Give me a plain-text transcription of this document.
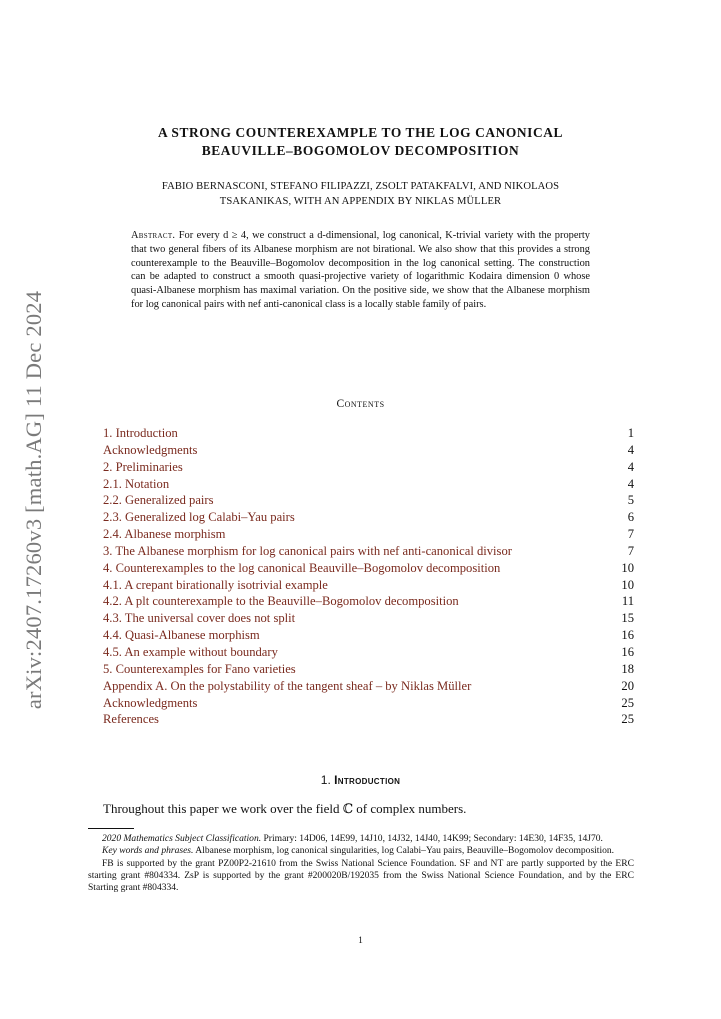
arXiv:2407.17260v3 [math.AG] 11 Dec 2024
A STRONG COUNTEREXAMPLE TO THE LOG CANONICAL
BEAUVILLE–BOGOMOLOV DECOMPOSITION
FABIO BERNASCONI, STEFANO FILIPAZZI, ZSOLT PATAKFALVI, AND NIKOLAOS
TSAKANIKAS, WITH AN APPENDIX BY NIKLAS MÜLLER
Abstract. For every d ≥ 4, we construct a d-dimensional, log canonical, K-trivial variety with the property that two general fibers of its Albanese morphism are not birational. We also show that this provides a strong counterexample to the Beauville–Bogomolov decomposition in the log canonical setting. The construction can be adapted to construct a smooth quasi-projective variety of logarithmic Kodaira dimension 0 whose quasi-Albanese morphism has maximal variation. On the positive side, we show that the Albanese morphism for log canonical pairs with nef anti-canonical class is a locally stable family of pairs.
Contents
1. Introduction	1
Acknowledgments	4
2. Preliminaries	4
2.1. Notation	4
2.2. Generalized pairs	5
2.3. Generalized log Calabi–Yau pairs	6
2.4. Albanese morphism	7
3. The Albanese morphism for log canonical pairs with nef anti-canonical divisor	7
4. Counterexamples to the log canonical Beauville–Bogomolov decomposition	10
4.1. A crepant birationally isotrivial example	10
4.2. A plt counterexample to the Beauville–Bogomolov decomposition	11
4.3. The universal cover does not split	15
4.4. Quasi-Albanese morphism	16
4.5. An example without boundary	16
5. Counterexamples for Fano varieties	18
Appendix A. On the polystability of the tangent sheaf – by Niklas Müller	20
Acknowledgments	25
References	25
1. Introduction
Throughout this paper we work over the field ℂ of complex numbers.

2020 Mathematics Subject Classification. Primary: 14D06, 14E99, 14J10, 14J32, 14J40, 14K99; Secondary: 14E30, 14F35, 14J70.

Key words and phrases. Albanese morphism, log canonical singularities, log Calabi–Yau pairs, Beauville–Bogomolov decomposition.

FB is supported by the grant PZ00P2-21610 from the Swiss National Science Foundation. SF and NT are partly supported by the ERC starting grant #804334. ZsP is supported by the grant #200020B/192035 from the Swiss National Science Foundation, and by the ERC Starting grant #804334.

1
